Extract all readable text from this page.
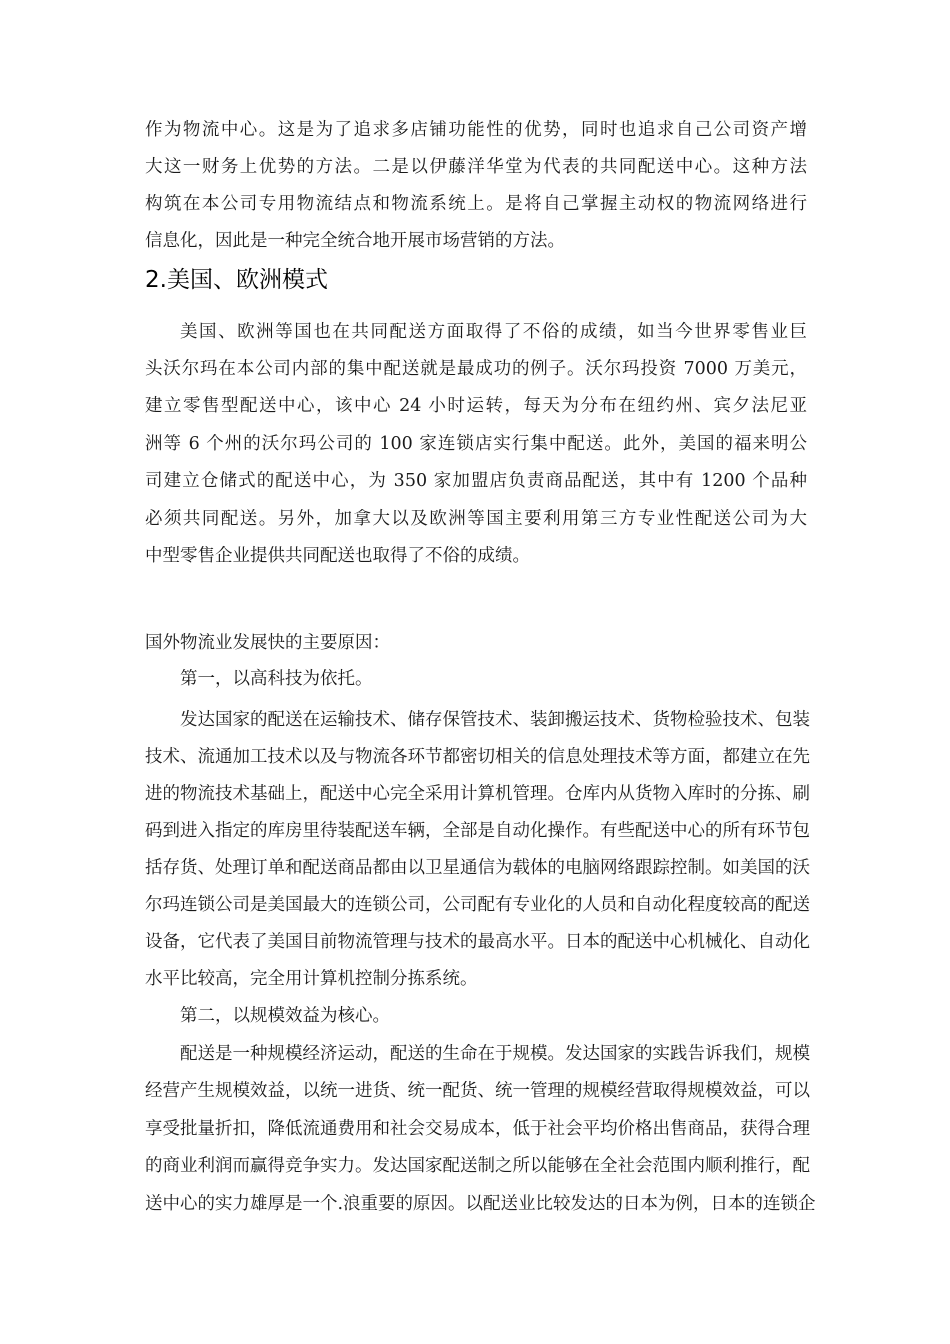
作为物流中心。这是为了追求多店铺功能性的优势，同时也追求自己公司资产增
大这一财务上优势的方法。二是以伊藤洋华堂为代表的共同配送中心。这种方法
构筑在本公司专用物流结点和物流系统上。是将自己掌握主动权的物流网络进行
信息化，因此是一种完全统合地开展市场营销的方法。
2.美国、欧洲模式
美国、欧洲等国也在共同配送方面取得了不俗的成绩，如当今世界零售业巨
头沃尔玛在本公司内部的集中配送就是最成功的例子。沃尔玛投资 7000 万美元，
建立零售型配送中心，该中心 24 小时运转，每天为分布在纽约州、宾夕法尼亚
洲等 6 个州的沃尔玛公司的 100 家连锁店实行集中配送。此外，美国的福来明公
司建立仓储式的配送中心，为 350 家加盟店负责商品配送，其中有 1200 个品种
必须共同配送。另外，加拿大以及欧洲等国主要利用第三方专业性配送公司为大
中型零售企业提供共同配送也取得了不俗的成绩。
国外物流业发展快的主要原因：
第一，以高科技为依托。
发达国家的配送在运输技术、储存保管技术、装卸搬运技术、货物检验技术、包装
技术、流通加工技术以及与物流各环节都密切相关的信息处理技术等方面，都建立在先
进的物流技术基础上，配送中心完全采用计算机管理。仓库内从货物入库时的分拣、刷
码到进入指定的库房里待装配送车辆，全部是自动化操作。有些配送中心的所有环节包
括存货、处理订单和配送商品都由以卫星通信为载体的电脑网络跟踪控制。如美国的沃
尔玛连锁公司是美国最大的连锁公司，公司配有专业化的人员和自动化程度较高的配送
设备，它代表了美国目前物流管理与技术的最高水平。日本的配送中心机械化、自动化
水平比较高，完全用计算机控制分拣系统。
第二，以规模效益为核心。
配送是一种规模经济运动，配送的生命在于规模。发达国家的实践告诉我们，规模
经营产生规模效益，以统一进货、统一配货、统一管理的规模经营取得规模效益，可以
享受批量折扣，降低流通费用和社会交易成本，低于社会平均价格出售商品，获得合理
的商业利润而赢得竞争实力。发达国家配送制之所以能够在全社会范围内顺利推行，配
送中心的实力雄厚是一个.浪重要的原因。以配送业比较发达的日本为例，日本的连锁企
